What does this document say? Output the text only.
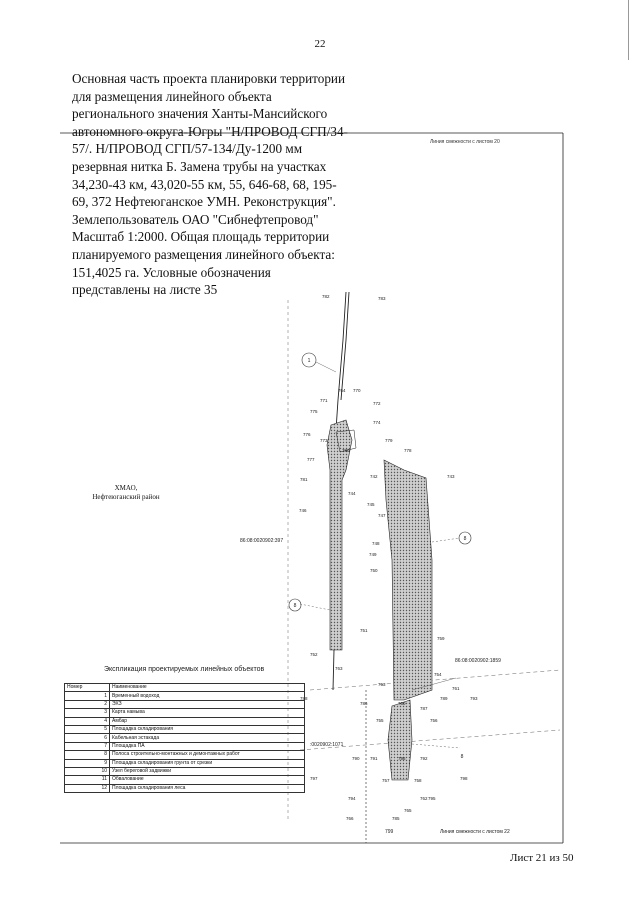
22
Основная часть проекта планировки территории
для размещения линейного объекта
регионального значения Ханты-Мансийского
автономного округа-Югры "Н/ПРОВОД СГП/34-
57/. Н/ПРОВОД СГП/57-134/Ду-1200 мм
резервная нитка Б. Замена трубы на участках
34,230-43 км, 43,020-55 км, 55, 646-68, 68, 195-
69, 372 Нефтеюганское УМН. Реконструкция".
Землепользователь ОАО "Сибнефтепровод"
Масштаб 1:2000. Общая площадь территории
планируемого размещения линейного объекта:
151,4025 га. Условные обозначения
представлены на листе 35
1
8
8
8
86:08:0020902:397
86:08:0020902:1859
:0020902:1071
Линия смежности с листом 22
799
782	783
764 770
771
772
775
774
776
773	779
780
777
778
781
742	743
744
745
746
747
748
749
750
751
752
753
754
755	756
757	758
759
760
761
762
763
765
766	785
786
787
788	789
790 791	792
793
794	795
796
797	798
Линия смежности с листом 20
ХМАО,
Нефтеюганский район
Экспликация проектируемых линейных объектов
Номер	Наименование
1	Временный водоход
2	ЭХЗ
3	Карта намыва
4	Амбар
5	Площадка складирования
6	Кабельная эстакада
7	Площадка ПА
8	Полоса строительно-монтажных и демонтажных работ
9	Площадка складирования грунта от срезки
10	Узел береговой задвижки
11	Обвалование
12	Площадка складирования леса
Лист 21 из 50
